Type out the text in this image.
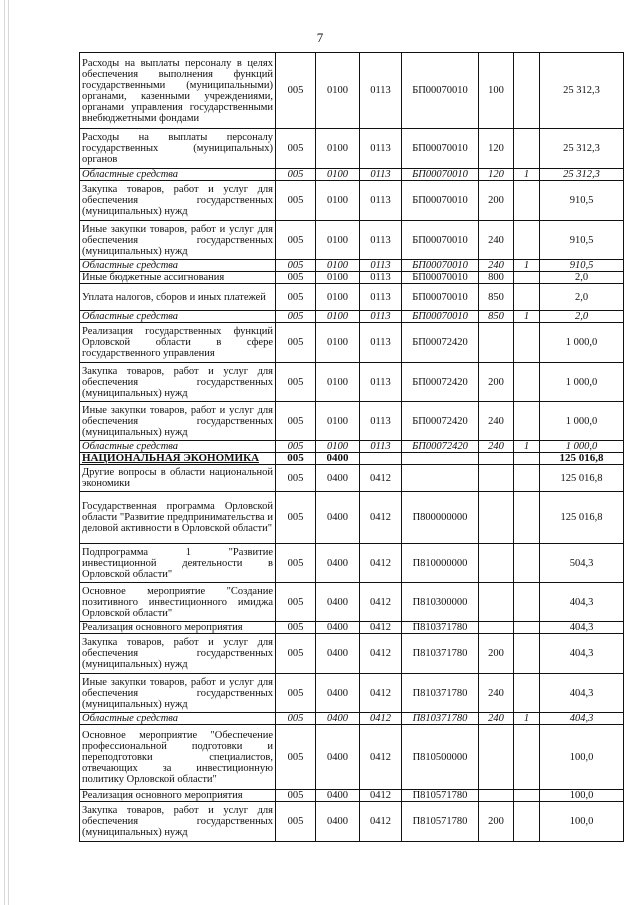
7
Расходы на выплаты персоналу в целях обеспечения выполнения функций государственными (муниципальными) органами, казенными учреждениями, органами управления государственными внебюджетными фондами	005	0100	0113	БП00070010	100		25 312,3
Расходы на выплаты персоналу государственных (муниципальных) органов	005	0100	0113	БП00070010	120		25 312,3
Областные средства	005	0100	0113	БП00070010	120	1	25 312,3
Закупка товаров, работ и услуг для обеспечения государственных (муниципальных) нужд	005	0100	0113	БП00070010	200		910,5
Иные закупки товаров, работ и услуг для обеспечения государственных (муниципальных) нужд	005	0100	0113	БП00070010	240		910,5
Областные средства	005	0100	0113	БП00070010	240	1	910,5
Иные бюджетные ассигнования	005	0100	0113	БП00070010	800		2,0
Уплата налогов, сборов и иных платежей	005	0100	0113	БП00070010	850		2,0
Областные средства	005	0100	0113	БП00070010	850	1	2,0
Реализация государственных функций Орловской области в сфере государственного управления	005	0100	0113	БП00072420			1 000,0
Закупка товаров, работ и услуг для обеспечения государственных (муниципальных) нужд	005	0100	0113	БП00072420	200		1 000,0
Иные закупки товаров, работ и услуг для обеспечения государственных (муниципальных) нужд	005	0100	0113	БП00072420	240		1 000,0
Областные средства	005	0100	0113	БП00072420	240	1	1 000,0
НАЦИОНАЛЬНАЯ ЭКОНОМИКА	005	0400					125 016,8
Другие вопросы в области национальной экономики	005	0400	0412				125 016,8
Государственная программа Орловской области "Развитие предпринимательства и деловой активности в Орловской области"	005	0400	0412	П800000000			125 016,8
Подпрограмма 1 "Развитие инвестиционной деятельности в Орловской области"	005	0400	0412	П810000000			504,3
Основное мероприятие "Создание позитивного инвестиционного имиджа Орловской области"	005	0400	0412	П810300000			404,3
Реализация основного мероприятия	005	0400	0412	П810371780			404,3
Закупка товаров, работ и услуг для обеспечения государственных (муниципальных) нужд	005	0400	0412	П810371780	200		404,3
Иные закупки товаров, работ и услуг для обеспечения государственных (муниципальных) нужд	005	0400	0412	П810371780	240		404,3
Областные средства	005	0400	0412	П810371780	240	1	404,3
Основное мероприятие "Обеспечение профессиональной подготовки и переподготовки специалистов, отвечающих за инвестиционную политику Орловской области"	005	0400	0412	П810500000			100,0
Реализация основного мероприятия	005	0400	0412	П810571780			100,0
Закупка товаров, работ и услуг для обеспечения государственных (муниципальных) нужд	005	0400	0412	П810571780	200		100,0
